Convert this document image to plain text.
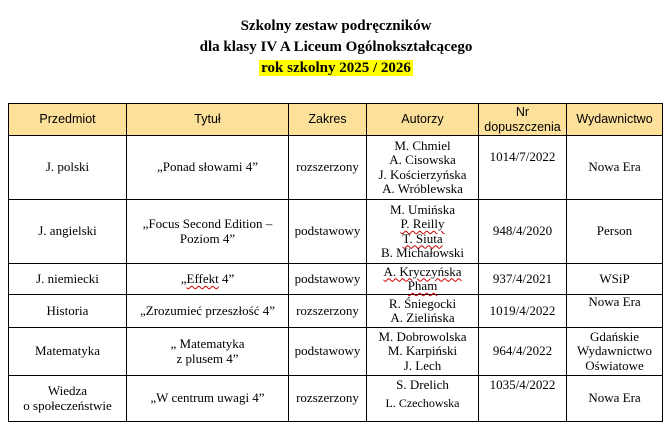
Szkolny zestaw podręczników
dla klasy IV A Liceum Ogólnokształcącego
rok szkolny 2025 / 2026
Przedmiot	Tytuł	Zakres	Autorzy	Nr
dopuszczenia	Wydawnictwo
J. polski	„Ponad słowami 4”	rozszerzony	M. Chmiel
A. Cisowska
J. Kościerzyńska
A. Wróblewska	1014/7/2022	Nowa Era
J. angielski	„Focus Second Edition –
Poziom 4”	podstawowy	M. Umińska
P. Reilly
T. Siuta
B. Michałowski	948/4/2020	Person
J. niemiecki	„Effekt 4”	podstawowy	A. Kryczyńska
Pham	937/4/2021	WSiP
Historia	„Zrozumieć przeszłość 4”	rozszerzony	R. Śniegocki
A. Zielińska	1019/4/2022	Nowa Era
Matematyka	„ Matematyka
z plusem 4”	podstawowy	M. Dobrowolska
M. Karpiński
J. Lech	964/4/2022	Gdańskie
Wydawnictwo
Oświatowe

Wiedza
o społeczeństwie	„W centrum uwagi 4”	rozszerzony	S. Drelich
L. Czechowska	1035/4/2022	Nowa Era
